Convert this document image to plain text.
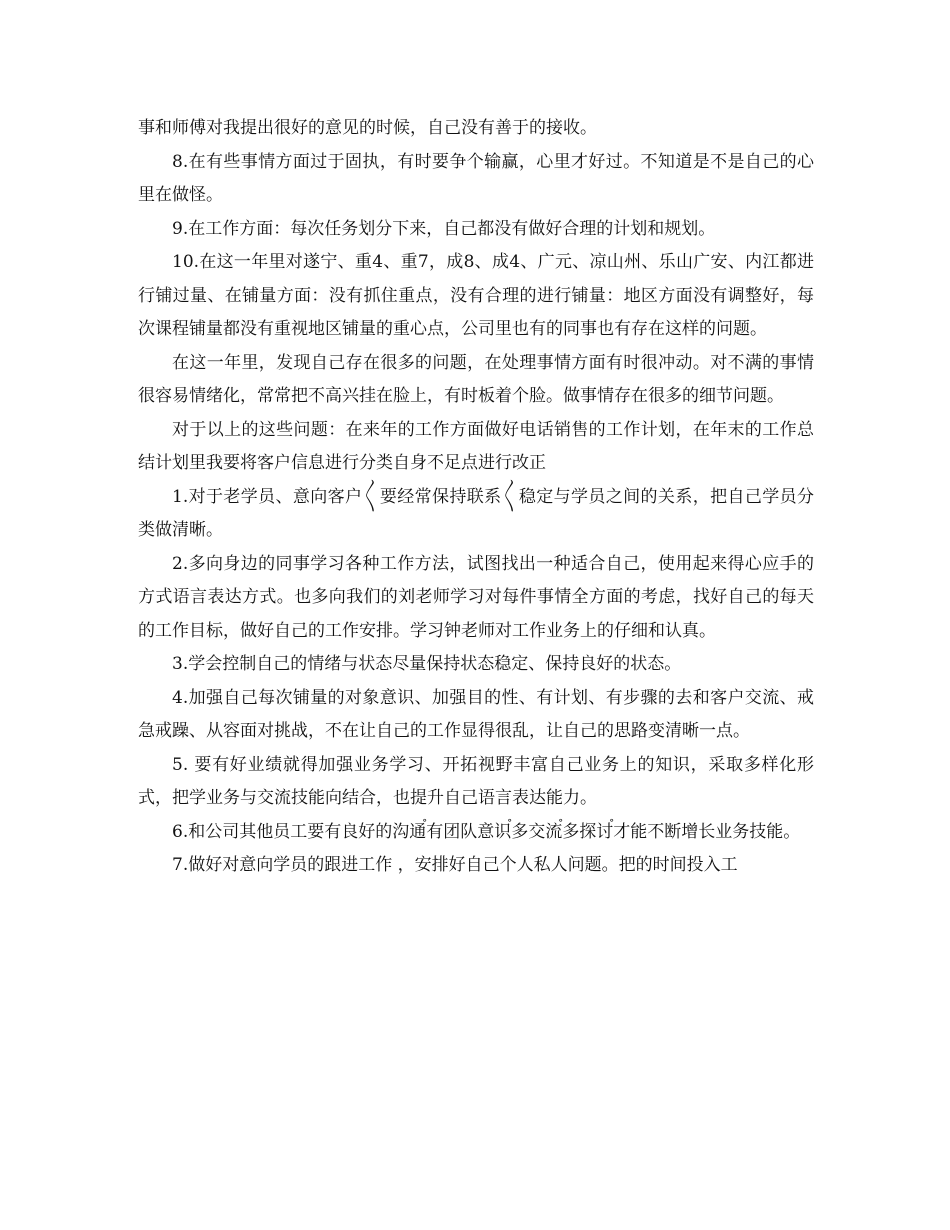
事和师傅对我提出很好的意见的时候，自己没有善于的接收。

8.在有些事情方面过于固执，有时要争个输赢，心里才好过。不知道是不是自己的心里在做怪。

9.在工作方面：每次任务划分下来，自己都没有做好合理的计划和规划。

10.在这一年里对遂宁、重4、重7，成8、成4、广元、凉山州、乐山广安、内江都进行铺过量、在铺量方面：没有抓住重点，没有合理的进行铺量：地区方面没有调整好，每次课程铺量都没有重视地区铺量的重心点，公司里也有的同事也有存在这样的问题。

在这一年里，发现自己存在很多的问题，在处理事情方面有时很冲动。对不满的事情很容易情绪化，常常把不高兴挂在脸上，有时板着个脸。做事情存在很多的细节问题。

对于以上的这些问题：在来年的工作方面做好电话销售的工作计划，在年末的工作总结计划里我要将客户信息进行分类自身不足点进行改正

1.对于老学员、意向客户〱要经常保持联系〱稳定与学员之间的关系，把自己学员分类做清晰。

2.多向身边的同事学习各种工作方法，试图找出一种适合自己，使用起来得心应手的方式语言表达方式。也多向我们的刘老师学习对每件事情全方面的考虑，找好自己的每天的工作目标，做好自己的工作安排。学习钟老师对工作业务上的仔细和认真。

3.学会控制自己的情绪与状态尽量保持状态稳定、保持良好的状态。

4.加强自己每次铺量的对象意识、加强目的性、有计划、有步骤的去和客户交流、戒急戒躁、从容面对挑战，不在让自己的工作显得很乱，让自己的思路变清晰一点。

5. 要有好业绩就得加强业务学习、开拓视野丰富自己业务上的知识，采取多样化形式，把学业务与交流技能向结合，也提升自己语言表达能力。

6.和公司其他员工要有良好的沟通〬有团队意识〬多交流〬多探讨〬才能不断增长业务技能。

7.做好对意向学员的跟进工作 ，安排好自己个人私人问题。把的时间投入工
